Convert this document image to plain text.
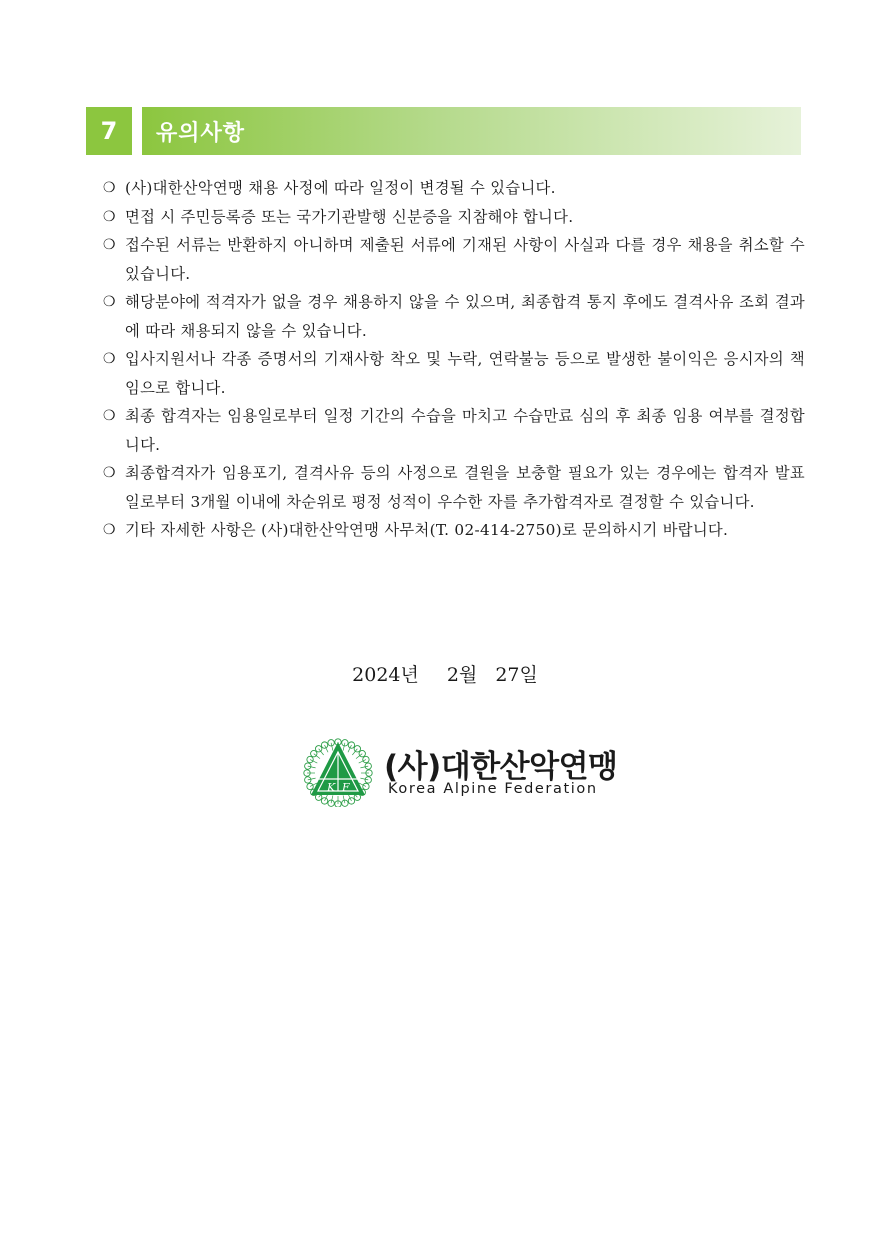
7	유의사항
❍ (사)대한산악연맹 채용 사정에 따라 일정이 변경될 수 있습니다.
❍ 면접 시 주민등록증 또는 국가기관발행 신분증을 지참해야 합니다.
❍ 접수된 서류는 반환하지 아니하며 제출된 서류에 기재된 사항이 사실과 다를 경우 채용을 취소할 수 있습니다.
❍ 해당분야에 적격자가 없을 경우 채용하지 않을 수 있으며, 최종합격 통지 후에도 결격사유 조회 결과에 따라 채용되지 않을 수 있습니다.
❍ 입사지원서나 각종 증명서의 기재사항 착오 및 누락, 연락불능 등으로 발생한 불이익은 응시자의 책임으로 합니다.
❍ 최종 합격자는 임용일로부터 일정 기간의 수습을 마치고 수습만료 심의 후 최종 임용 여부를 결정합니다.
❍ 최종합격자가 임용포기, 결격사유 등의 사정으로 결원을 보충할 필요가 있는 경우에는 합격자 발표일로부터 3개월 이내에 차순위로 평정 성적이 우수한 자를 추가합격자로 결정할 수 있습니다.
❍ 기타 자세한 사항은 (사)대한산악연맹 사무처(T. 02-414-2750)로 문의하시기 바랍니다.
2024년 2월 27일
K F
(사)대한산악연맹
Korea Alpine Federation
